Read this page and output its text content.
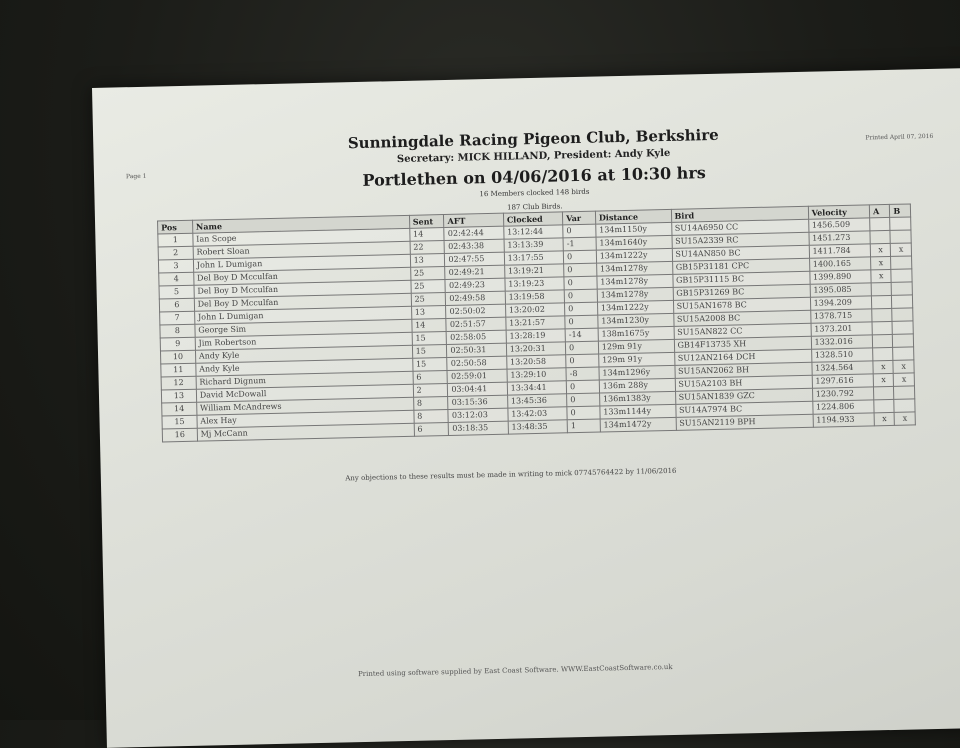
Page 1
Printed April 07, 2016
Sunningdale Racing Pigeon Club, Berkshire
Secretary: MICK HILLAND, President: Andy Kyle
Portlethen on 04/06/2016 at 10:30 hrs
16 Members clocked 148 birds
187 Club Birds.
Pos	Name	Sent	AFT	Clocked	Var	Distance	Bird	Velocity	A	B
1	Ian Scope	14	02:42:44	13:12:44	0	134m1150y	SU14A6950 CC	1456.509		
2	Robert Sloan	22	02:43:38	13:13:39	-1	134m1640y	SU15A2339 RC	1451.273		
3	John L Dumigan	13	02:47:55	13:17:55	0	134m1222y	SU14AN850 BC	1411.784	x	x
4	Del Boy D Mcculfan	25	02:49:21	13:19:21	0	134m1278y	GB15P31181 CPC	1400.165	x	
5	Del Boy D Mcculfan	25	02:49:23	13:19:23	0	134m1278y	GB15P31115 BC	1399.890	x	
6	Del Boy D Mcculfan	25	02:49:58	13:19:58	0	134m1278y	GB15P31269 BC	1395.085		
7	John L Dumigan	13	02:50:02	13:20:02	0	134m1222y	SU15AN1678 BC	1394.209		
8	George Sim	14	02:51:57	13:21:57	0	134m1230y	SU15A2008 BC	1378.715		
9	Jim Robertson	15	02:58:05	13:28:19	-14	138m1675y	SU15AN822 CC	1373.201		
10	Andy Kyle	15	02:50:31	13:20:31	0	129m 91y	GB14F13735 XH	1332.016		
11	Andy Kyle	15	02:50:58	13:20:58	0	129m 91y	SU12AN2164 DCH	1328.510		
12	Richard Dignum	6	02:59:01	13:29:10	-8	134m1296y	SU15AN2062 BH	1324.564	x	x
13	David McDowall	2	03:04:41	13:34:41	0	136m 288y	SU15A2103 BH	1297.616	x	x
14	William McAndrews	8	03:15:36	13:45:36	0	136m1383y	SU15AN1839 GZC	1230.792		
15	Alex Hay	8	03:12:03	13:42:03	0	133m1144y	SU14A7974 BC	1224.806		
16	Mj McCann	6	03:18:35	13:48:35	1	134m1472y	SU15AN2119 BPH	1194.933	x	x
Any objections to these results must be made in writing to mick 07745764422 by 11/06/2016
Printed using software supplied by East Coast Software. WWW.EastCoastSoftware.co.uk
